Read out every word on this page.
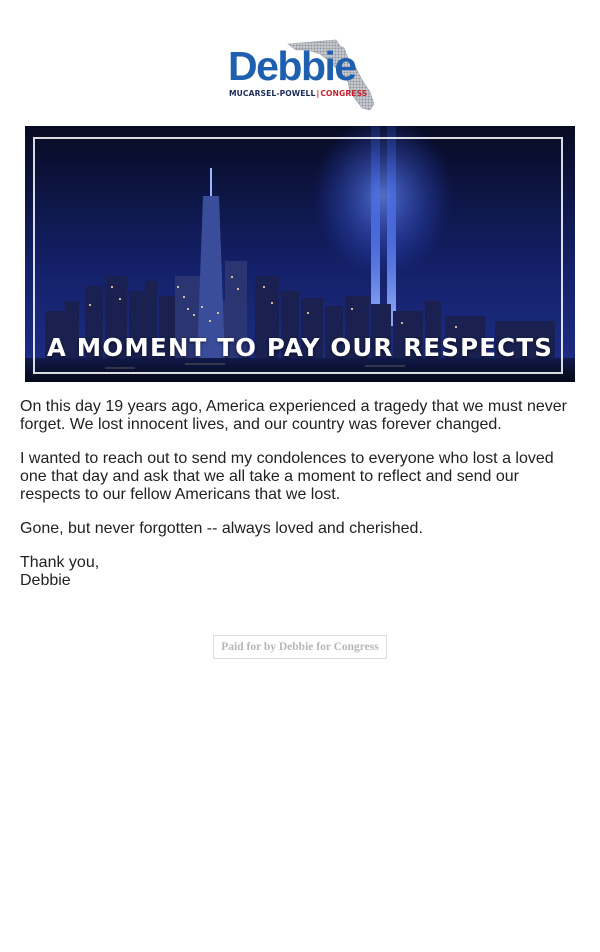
Debbie
MUCARSEL-POWELL|CONGRESS
A MOMENT TO PAY OUR RESPECTS

On this day 19 years ago, America experienced a tragedy that we must never forget. We lost innocent lives, and our country was forever changed.

I wanted to reach out to send my condolences to everyone who lost a loved one that day and ask that we all take a moment to reflect and send our respects to our fellow Americans that we lost.

Gone, but never forgotten -- always loved and cherished.

Thank you,
Debbie
Paid for by Debbie for Congress
